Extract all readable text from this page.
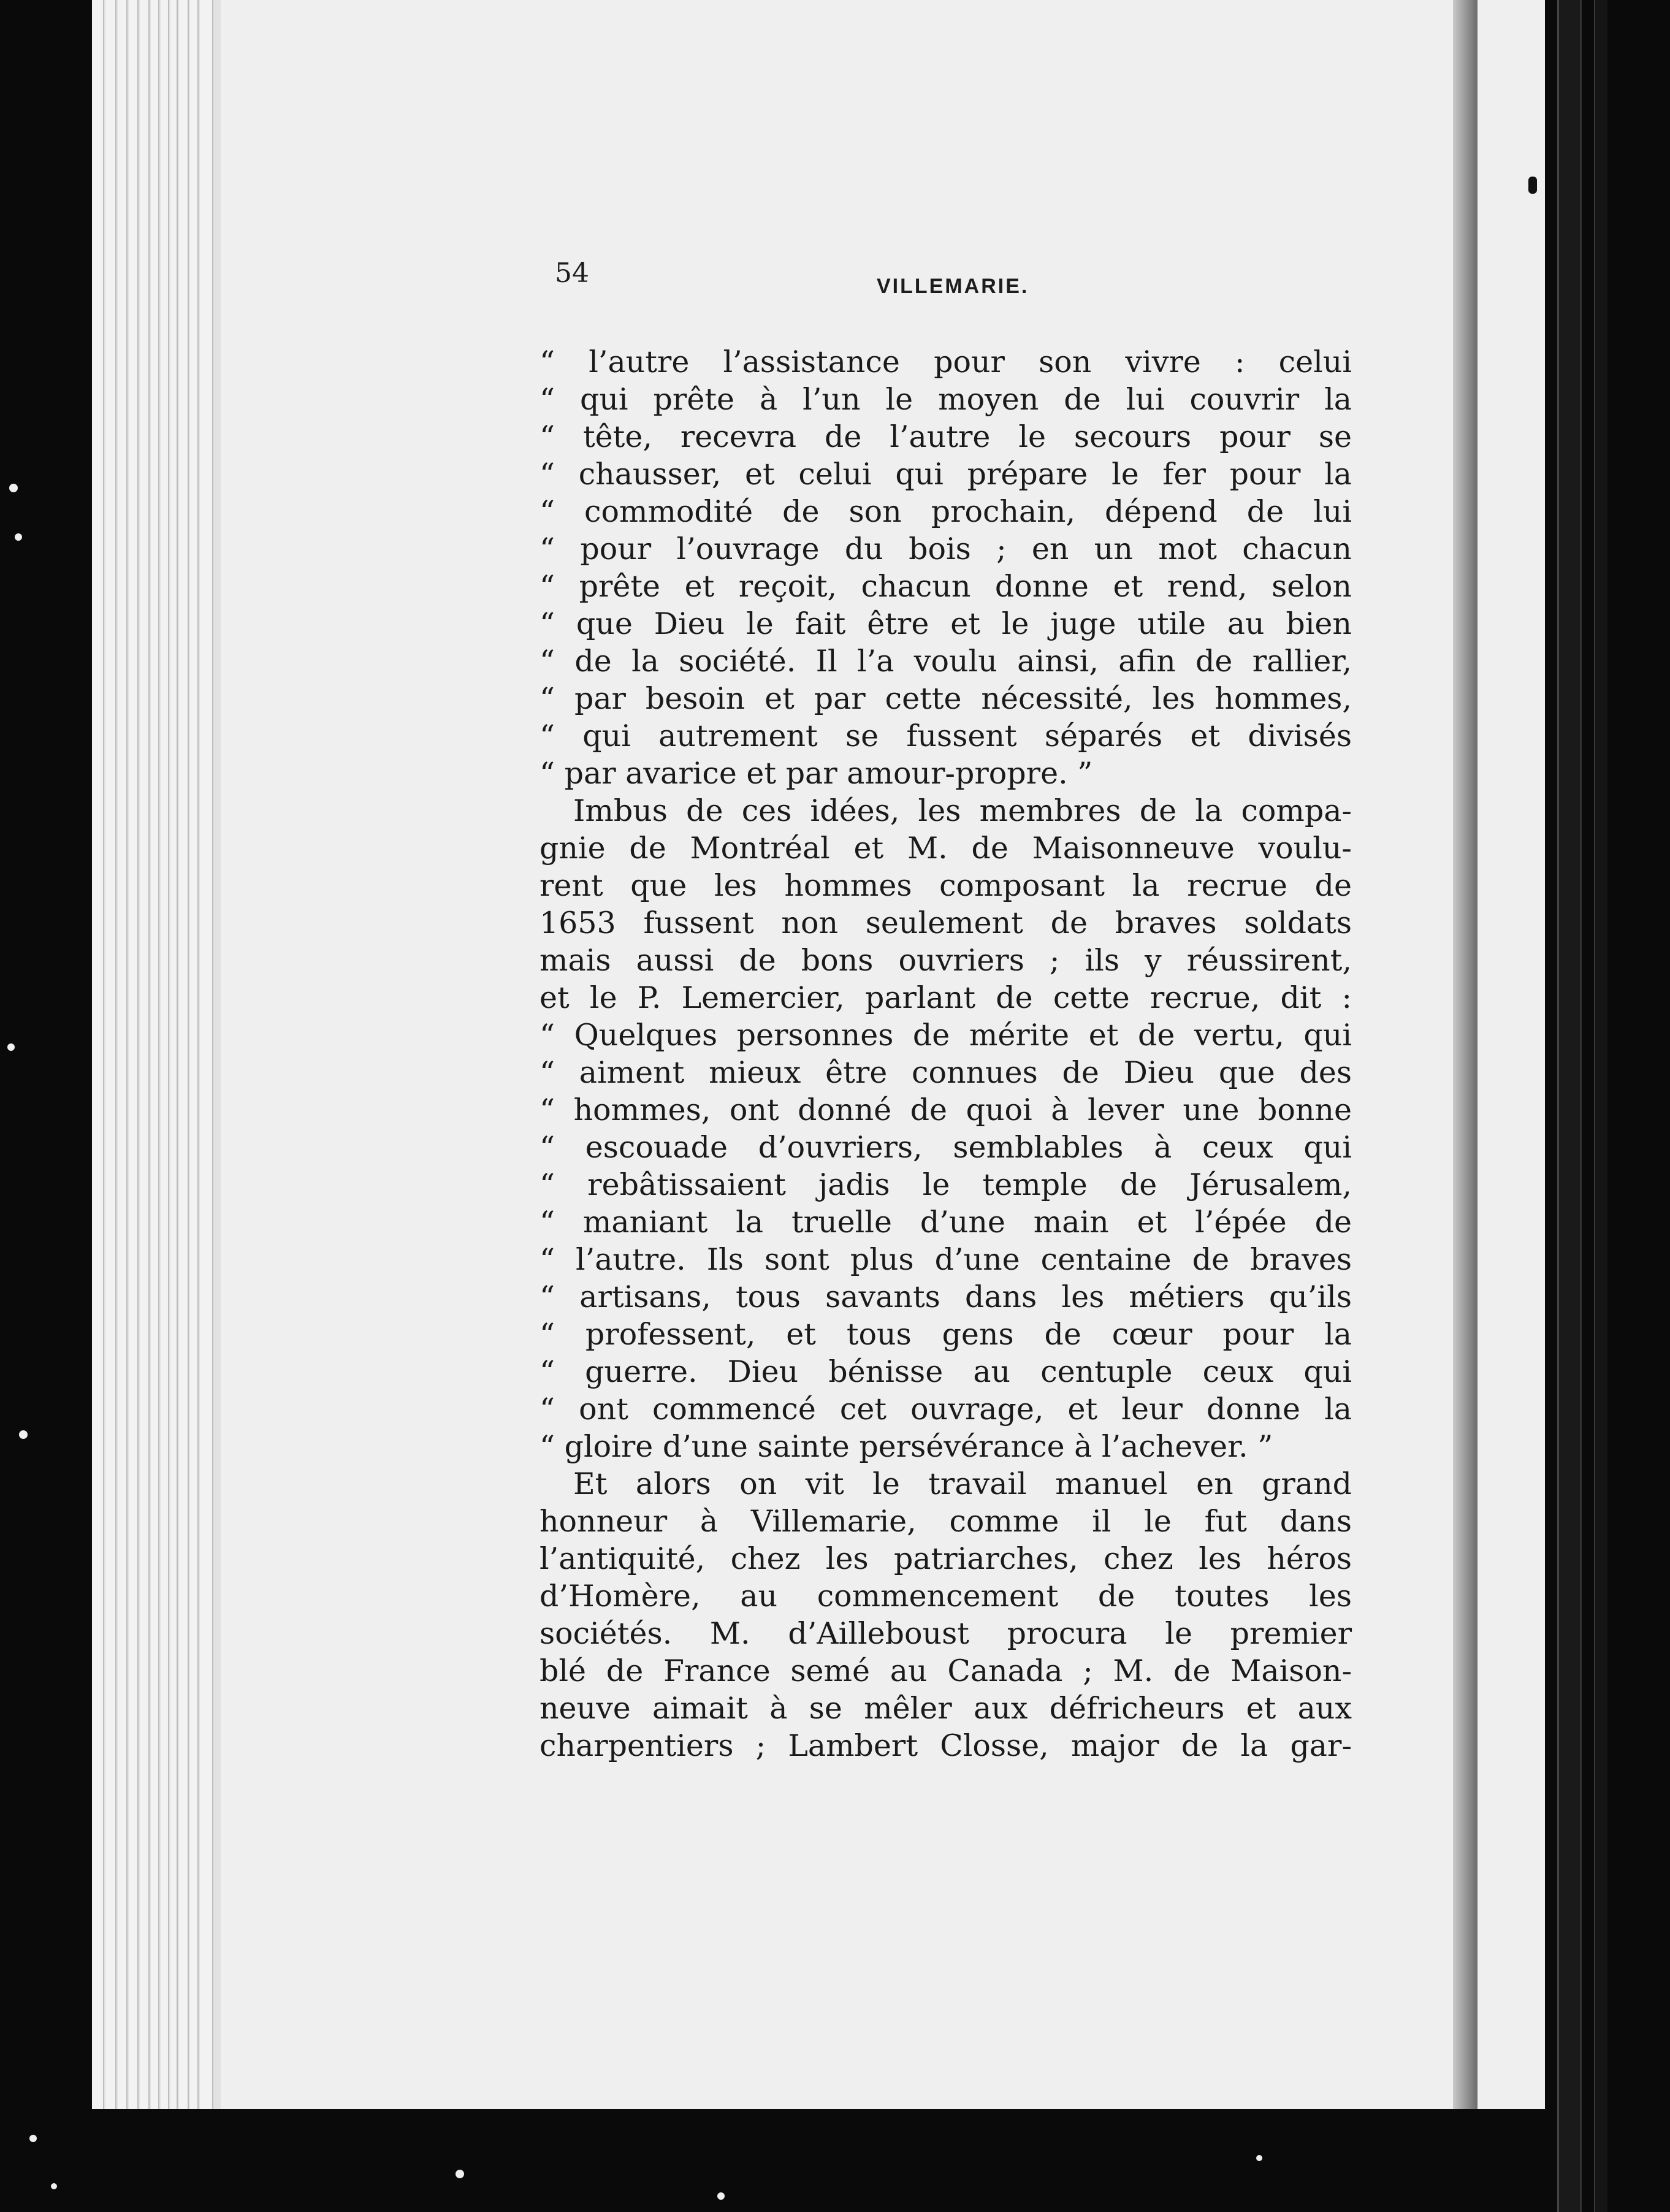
54	VILLEMARIE.
“ l’autre l’assistance pour son vivre : celui
“ qui prête à l’un le moyen de lui couvrir la
“ tête, recevra de l’autre le secours pour se
“ chausser, et celui qui prépare le fer pour la
“ commodité de son prochain, dépend de lui
“ pour l’ouvrage du bois ; en un mot chacun
“ prête et reçoit, chacun donne et rend, selon
“ que Dieu le fait être et le juge utile au bien
“ de la société. Il l’a voulu ainsi, afin de rallier,
“ par besoin et par cette nécessité, les hommes,
“ qui autrement se fussent séparés et divisés
“ par avarice et par amour-propre. ”
Imbus de ces idées, les membres de la compa-
gnie de Montréal et M. de Maisonneuve voulu-
rent que les hommes composant la recrue de
1653 fussent non seulement de braves soldats
mais aussi de bons ouvriers ; ils y réussirent,
et le P. Lemercier, parlant de cette recrue, dit :
“ Quelques personnes de mérite et de vertu, qui
“ aiment mieux être connues de Dieu que des
“ hommes, ont donné de quoi à lever une bonne
“ escouade d’ouvriers, semblables à ceux qui
“ rebâtissaient jadis le temple de Jérusalem,
“ maniant la truelle d’une main et l’épée de
“ l’autre. Ils sont plus d’une centaine de braves
“ artisans, tous savants dans les métiers qu’ils
“ professent, et tous gens de cœur pour la
“ guerre. Dieu bénisse au centuple ceux qui
“ ont commencé cet ouvrage, et leur donne la
“ gloire d’une sainte persévérance à l’achever. ”
Et alors on vit le travail manuel en grand
honneur à Villemarie, comme il le fut dans
l’antiquité, chez les patriarches, chez les héros
d’Homère, au commencement de toutes les
sociétés. M. d’Ailleboust procura le premier
blé de France semé au Canada ; M. de Maison-
neuve aimait à se mêler aux défricheurs et aux
charpentiers ; Lambert Closse, major de la gar-
